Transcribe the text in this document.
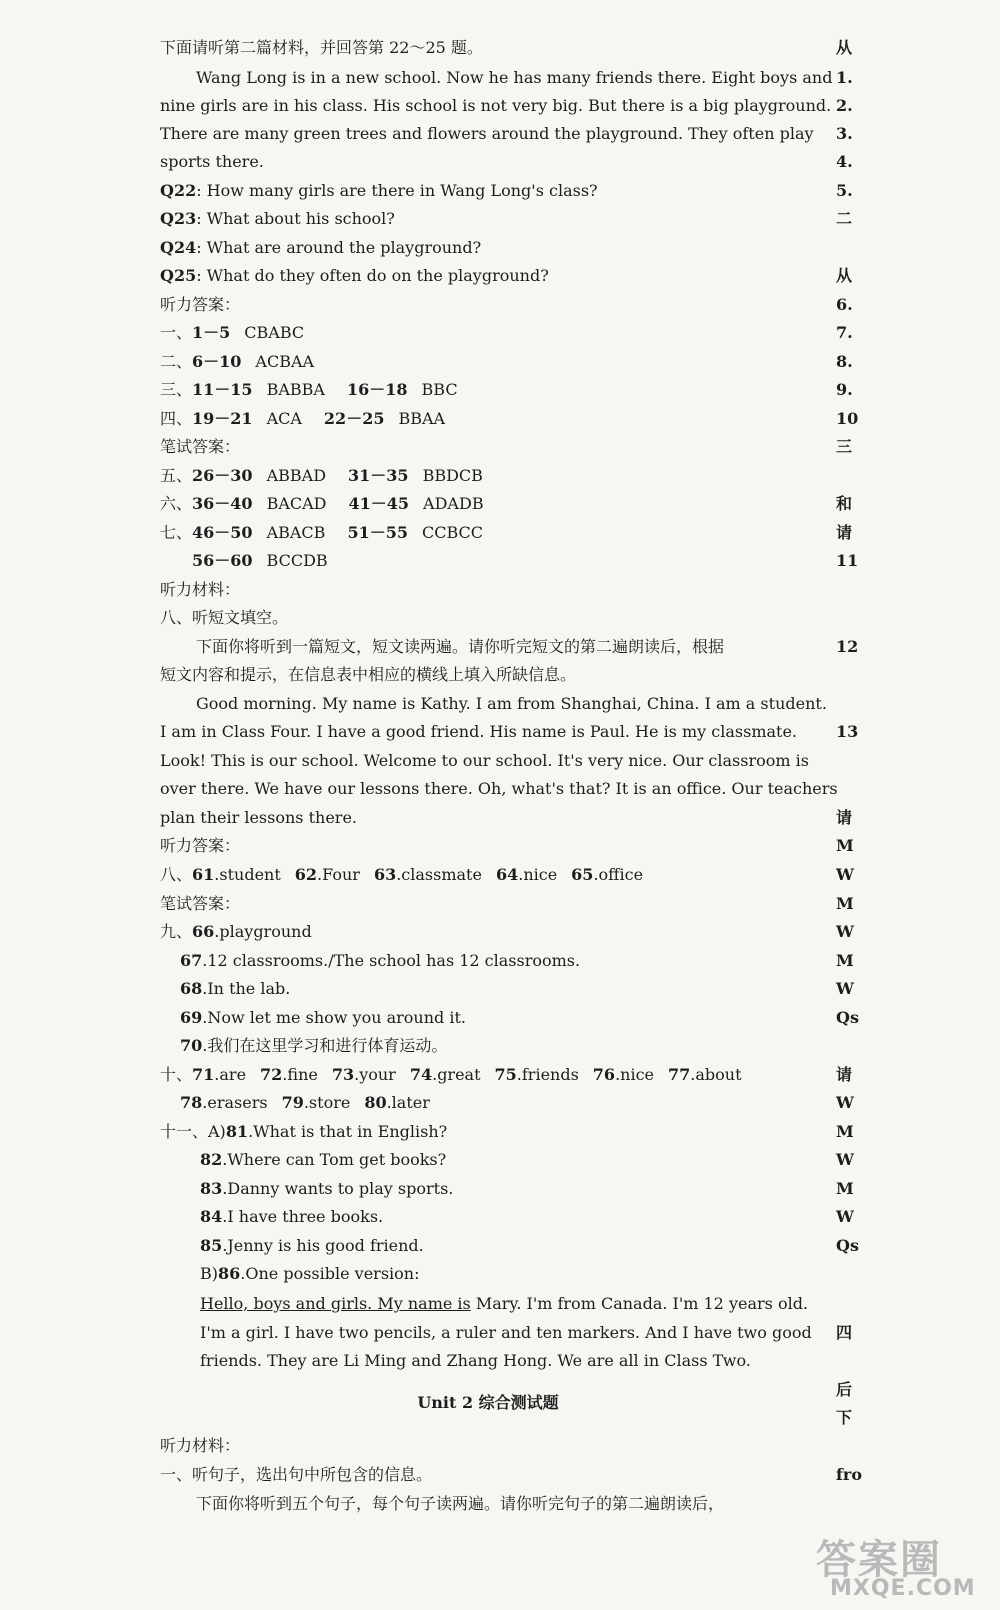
下面请听第二篇材料，并回答第 22～25 题。
Wang Long is in a new school. Now he has many friends there. Eight boys and
nine girls are in his class. His school is not very big. But there is a big playground.
There are many green trees and flowers around the playground. They often play
sports there.
Q22: How many girls are there in Wang Long's class?
Q23: What about his school?
Q24: What are around the playground?
Q25: What do they often do on the playground?
听力答案：
一、1－5 CBABC
二、6－10 ACBAA
三、11－15 BABBA 16－18 BBC
四、19－21 ACA 22－25 BBAA
笔试答案：
五、26－30 ABBAD 31－35 BBDCB
六、36－40 BACAD 41－45 ADADB
七、46－50 ABACB 51－55 CCBCC
56－60 BCCDB
听力材料：
八、听短文填空。
下面你将听到一篇短文，短文读两遍。请你听完短文的第二遍朗读后，根据
短文内容和提示，在信息表中相应的横线上填入所缺信息。
Good morning. My name is Kathy. I am from Shanghai, China. I am a student.
I am in Class Four. I have a good friend. His name is Paul. He is my classmate.
Look! This is our school. Welcome to our school. It's very nice. Our classroom is
over there. We have our lessons there. Oh, what's that? It is an office. Our teachers
plan their lessons there.
听力答案：
八、61.student 62.Four 63.classmate 64.nice 65.office
笔试答案：
九、66.playground
67.12 classrooms./The school has 12 classrooms.
68.In the lab.
69.Now let me show you around it.
70.我们在这里学习和进行体育运动。
十、71.are 72.fine 73.your 74.great 75.friends 76.nice 77.about
78.erasers 79.store 80.later
十一、A)81.What is that in English?
82.Where can Tom get books?
83.Danny wants to play sports.
84.I have three books.
85.Jenny is his good friend.
B)86.One possible version:
Hello, boys and girls. My name is Mary. I'm from Canada. I'm 12 years old.
I'm a girl. I have two pencils, a ruler and ten markers. And I have two good
friends. They are Li Ming and Zhang Hong. We are all in Class Two.
Unit 2 综合测试题
听力材料：
一、听句子，选出句中所包含的信息。
下面你将听到五个句子，每个句子读两遍。请你听完句子的第二遍朗读后，
从
1.
2.
3.
4.
5.
二
从
6.
7.
8.
9.
10
三
和
请
11
12
13
请
M
W
M
W
M
W
Qs
请
W
M
W
M
W
Qs
四
后
下
fro
答案圈
MXQE.COM
